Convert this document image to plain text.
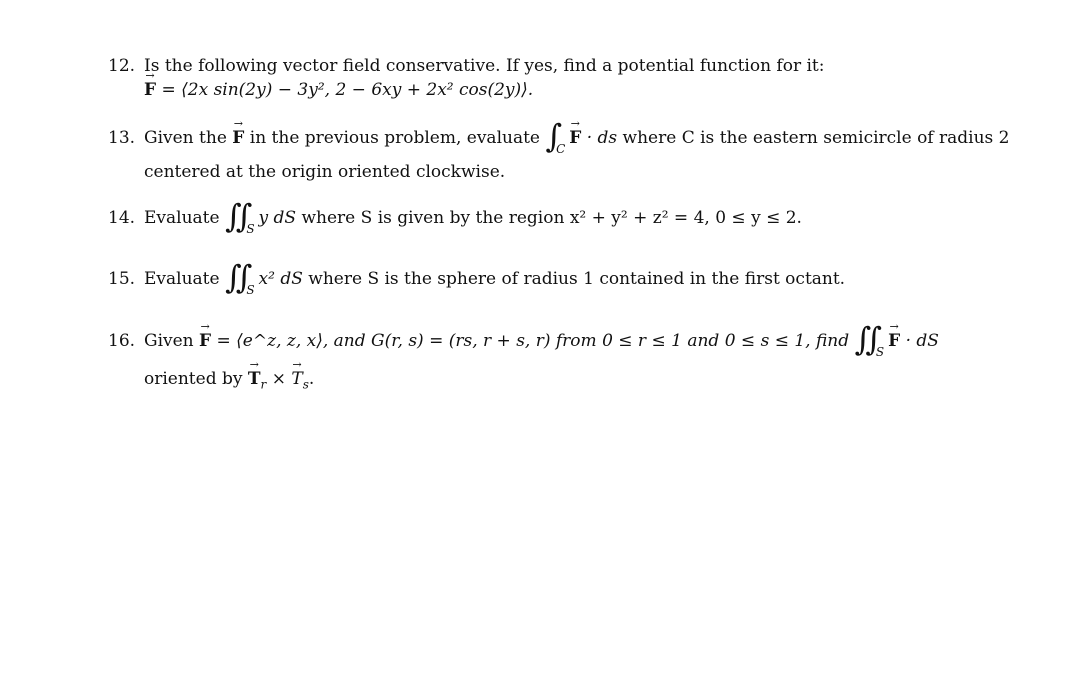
12. Is the following vector field conservative. If yes, find a potential function for it:
→ F = ⟨2x sin(2y) − 3y², 2 − 6xy + 2x² cos(2y)⟩.
13. Given the → F in the previous problem, evaluate $\int_C\to F$ · ds where C is the eastern semicircle of radius 2
centered at the origin oriented clockwise.
14. Evaluate $\int\int_Sy$ dS where S is given by the region x² + y² + z² = 4, 0 ≤ y ≤ 2.
15. Evaluate $\int\int_Sx^2$ dS where S is the sphere of radius 1 contained in the first octant.
16. Given → F = ⟨e^z, z, x⟩, and G(r, s) = (rs, r + s, r) from 0 ≤ r ≤ 1 and 0 ≤ s ≤ 1, find $\int\int_S\to F$ · dS
oriented by → $T_r$ × → $T_s$.
